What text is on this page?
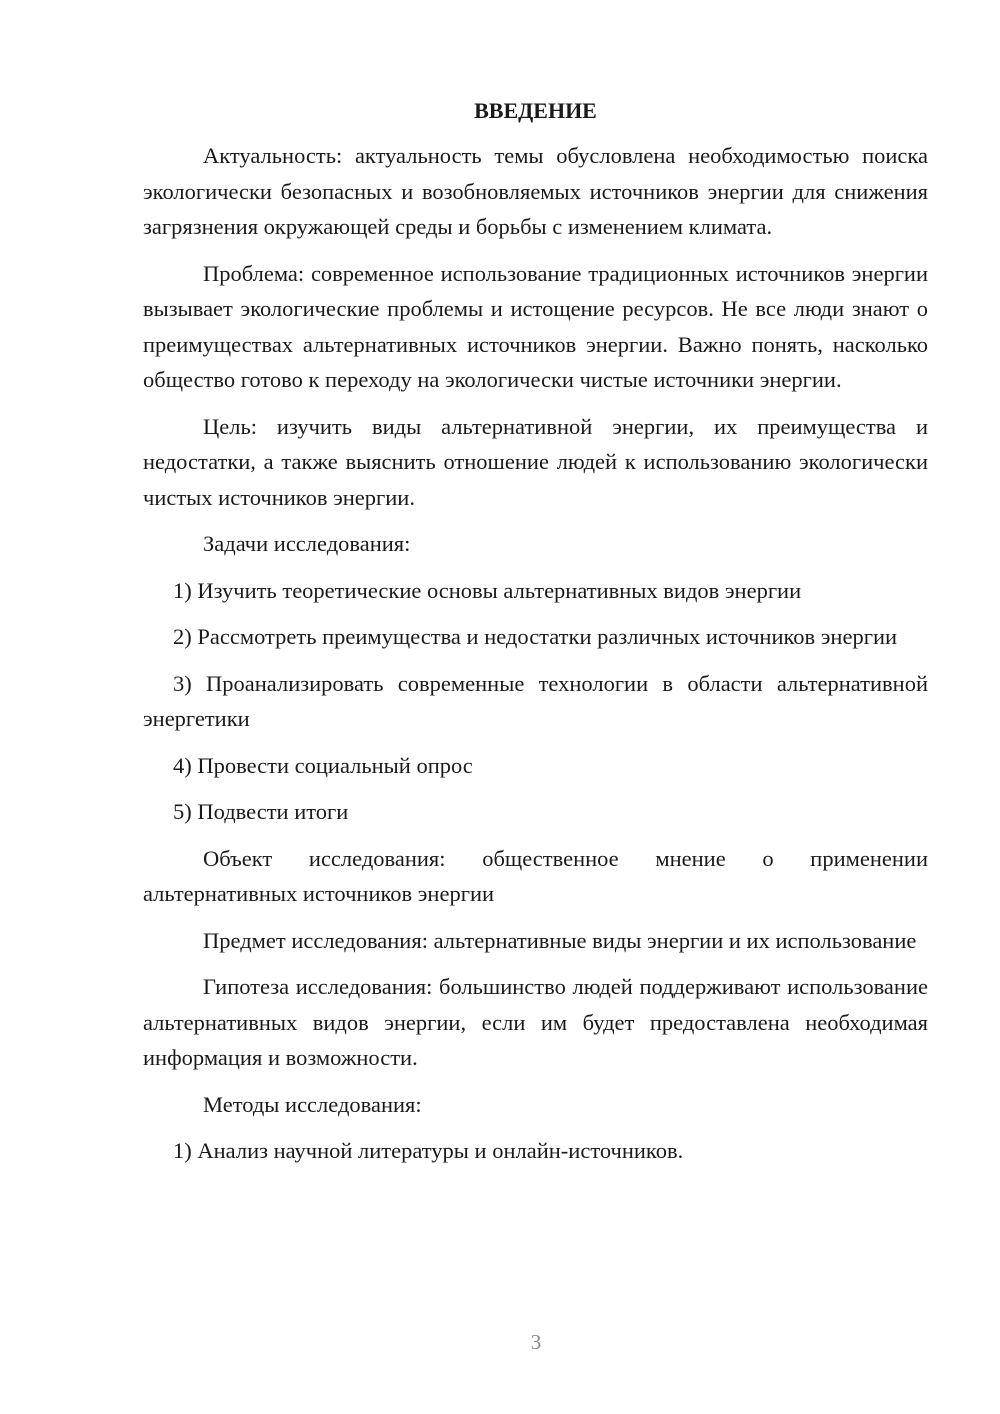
ВВЕДЕНИЕ

Актуальность: актуальность темы обусловлена необходимостью поиска экологически безопасных и возобновляемых источников энергии для снижения загрязнения окружающей среды и борьбы с изменением климата.

Проблема: современное использование традиционных источников энергии вызывает экологические проблемы и истощение ресурсов. Не все люди знают о преимуществах альтернативных источников энергии. Важно понять, насколько общество готово к переходу на экологически чистые источники энергии.

Цель: изучить виды альтернативной энергии, их преимущества и недостатки, а также выяснить отношение людей к использованию экологически чистых источников энергии.

Задачи исследования:

1) Изучить теоретические основы альтернативных видов энергии

2) Рассмотреть преимущества и недостатки различных источников энергии

3) Проанализировать современные технологии в области альтернативной энергетики

4) Провести социальный опрос

5) Подвести итоги

Объект исследования: общественное мнение о применении альтернативных источников энергии

Предмет исследования: альтернативные виды энергии и их использование

Гипотеза исследования: большинство людей поддерживают использование альтернативных видов энергии, если им будет предоставлена необходимая информация и возможности.

Методы исследования:

1) Анализ научной литературы и онлайн-источников.

3
